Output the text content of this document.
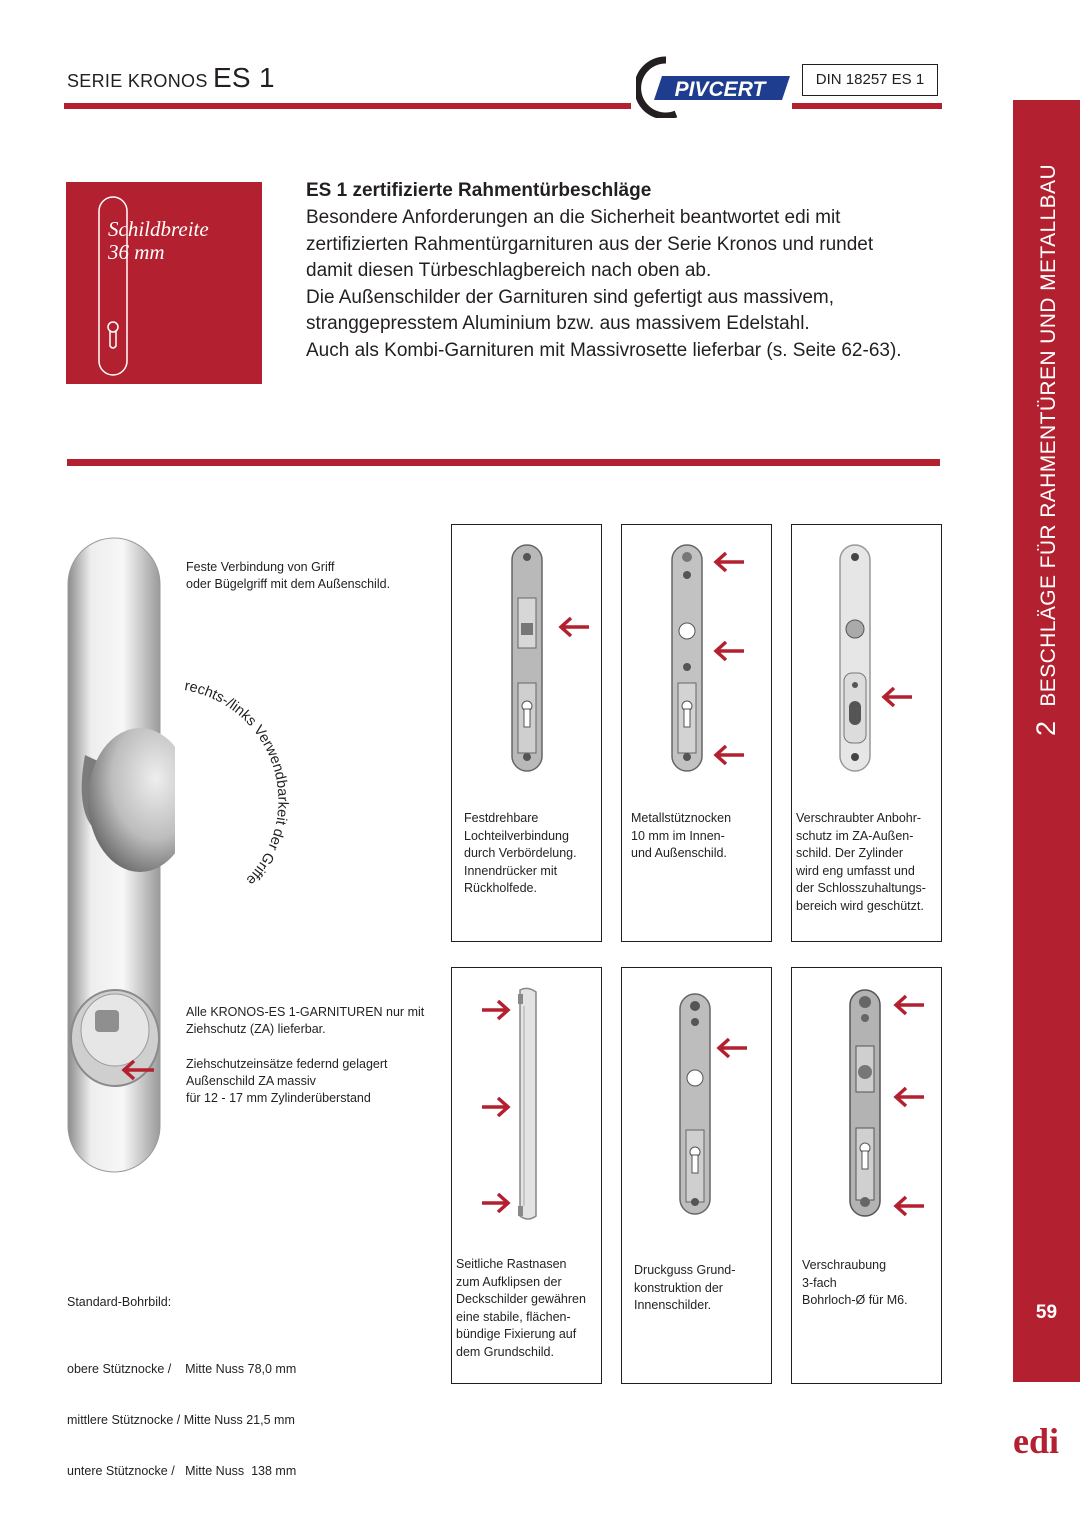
SERIE KRONOS ES 1	PIVCERT	DIN 18257 ES 1
Schildbreite
36 mm
ES 1 zertifizierte Rahmentürbeschläge
Besondere Anforderungen an die Sicherheit beantwortet edi mit
zertifizierten Rahmentürgarnituren aus der Serie Kronos und rundet
damit diesen Türbeschlagbereich nach oben ab.
Die Außenschilder der Garnituren sind gefertigt aus massivem,
stranggepresstem Aluminium bzw. aus massivem Edelstahl.
Auch als Kombi-Garnituren mit Massivrosette lieferbar (s. Seite 62-63).
2BESCHLÄGE FÜR RAHMENTÜREN UND METALLBAU
59
rechts-/links Verwendbarkeit der Griffe
Feste Verbindung von Griff
oder Bügelgriff mit dem Außenschild.
Alle KRONOS-ES 1-GARNITUREN nur mit
Ziehschutz (ZA) lieferbar.
Ziehschutzeinsätze federnd gelagert
Außenschild ZA massiv
für 12 - 17 mm Zylinderüberstand
Standard-Bohrbild:

obere Stütznocke /    Mitte Nuss 78,0 mm

mittlere Stütznocke / Mitte Nuss 21,5 mm

untere Stütznocke /   Mitte Nuss  138 mm

Festdrehbare
Lochteilverbindung
durch Verbördelung.
Innendrücker mit
Rückholfede.
Metallstütznocken
10 mm im Innen-
und Außenschild.
Verschraubter Anbohr-
schutz im ZA-Außen-
schild. Der Zylinder
wird eng umfasst und
der Schlosszuhaltungs-
bereich wird geschützt.
Seitliche Rastnasen
zum Aufklipsen der
Deckschilder gewähren
eine stabile, flächen-
bündige Fixierung auf
dem Grundschild.
Druckguss Grund-
konstruktion der
Innenschilder.
Verschraubung
3-fach
Bohrloch-Ø für M6.
edi
